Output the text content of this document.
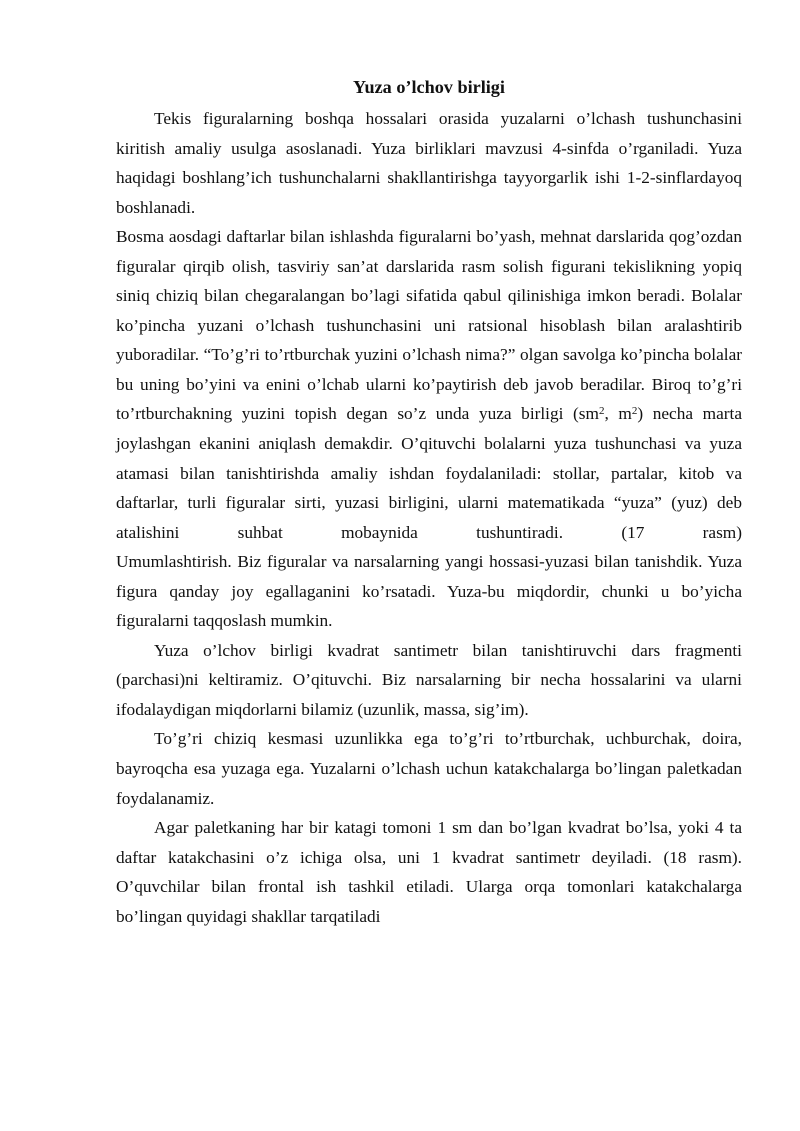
Yuza o’lchov birligi

Tekis figuralarning boshqa hossalari orasida yuzalarni o’lchash tushunchasini kiritish amaliy usulga asoslanadi. Yuza birliklari mavzusi 4-sinfda o’rganiladi. Yuza haqidagi boshlang’ich tushunchalarni shakllantirishga tayyorgarlik ishi 1-2-sinflardayoq boshlanadi.

Bosma aosdagi daftarlar bilan ishlashda figuralarni bo’yash, mehnat darslarida qog’ozdan figuralar qirqib olish, tasviriy san’at darslarida rasm solish figurani tekislikning yopiq siniq chiziq bilan chegaralangan bo’lagi sifatida qabul qilinishiga imkon beradi. Bolalar ko’pincha yuzani o’lchash tushunchasini uni ratsional hisoblash bilan aralashtirib yuboradilar. “To’g’ri to’rtburchak yuzini o’lchash nima?” olgan savolga ko’pincha bolalar bu uning bo’yini va enini o’lchab ularni ko’paytirish deb javob beradilar. Biroq to’g’ri to’rtburchakning yuzini topish degan so’z unda yuza birligi ($sm^2$, $m^2$) necha marta joylashgan ekanini aniqlash demakdir. O’qituvchi bolalarni yuza tushunchasi va yuza atamasi bilan tanishtirishda amaliy ishdan foydalaniladi: stollar, partalar, kitob va daftarlar, turli figuralar sirti, yuzasi birligini, ularni matematikada “yuza” (yuz) deb atalishini suhbat mobaynida tushuntiradi. (17 rasm)

Umumlashtirish. Biz figuralar va narsalarning yangi hossasi-yuzasi bilan tanishdik. Yuza figura qanday joy egallaganini ko’rsatadi. Yuza-bu miqdordir, chunki u bo’yicha figuralarni taqqoslash mumkin.

Yuza o’lchov birligi kvadrat santimetr bilan tanishtiruvchi dars fragmenti (parchasi)ni keltiramiz. O’qituvchi. Biz narsalarning bir necha hossalarini va ularni ifodalaydigan miqdorlarni bilamiz (uzunlik, massa, sig’im).

To’g’ri chiziq kesmasi uzunlikka ega to’g’ri to’rtburchak, uchburchak, doira, bayroqcha esa yuzaga ega. Yuzalarni o’lchash uchun katakchalarga bo’lingan paletkadan foydalanamiz.

Agar paletkaning har bir katagi tomoni 1 sm dan bo’lgan kvadrat bo’lsa, yoki 4 ta daftar katakchasini o’z ichiga olsa, uni 1 kvadrat santimetr deyiladi. (18 rasm). O’quvchilar bilan frontal ish tashkil etiladi. Ularga orqa tomonlari katakchalarga bo’lingan quyidagi shakllar tarqatiladi
